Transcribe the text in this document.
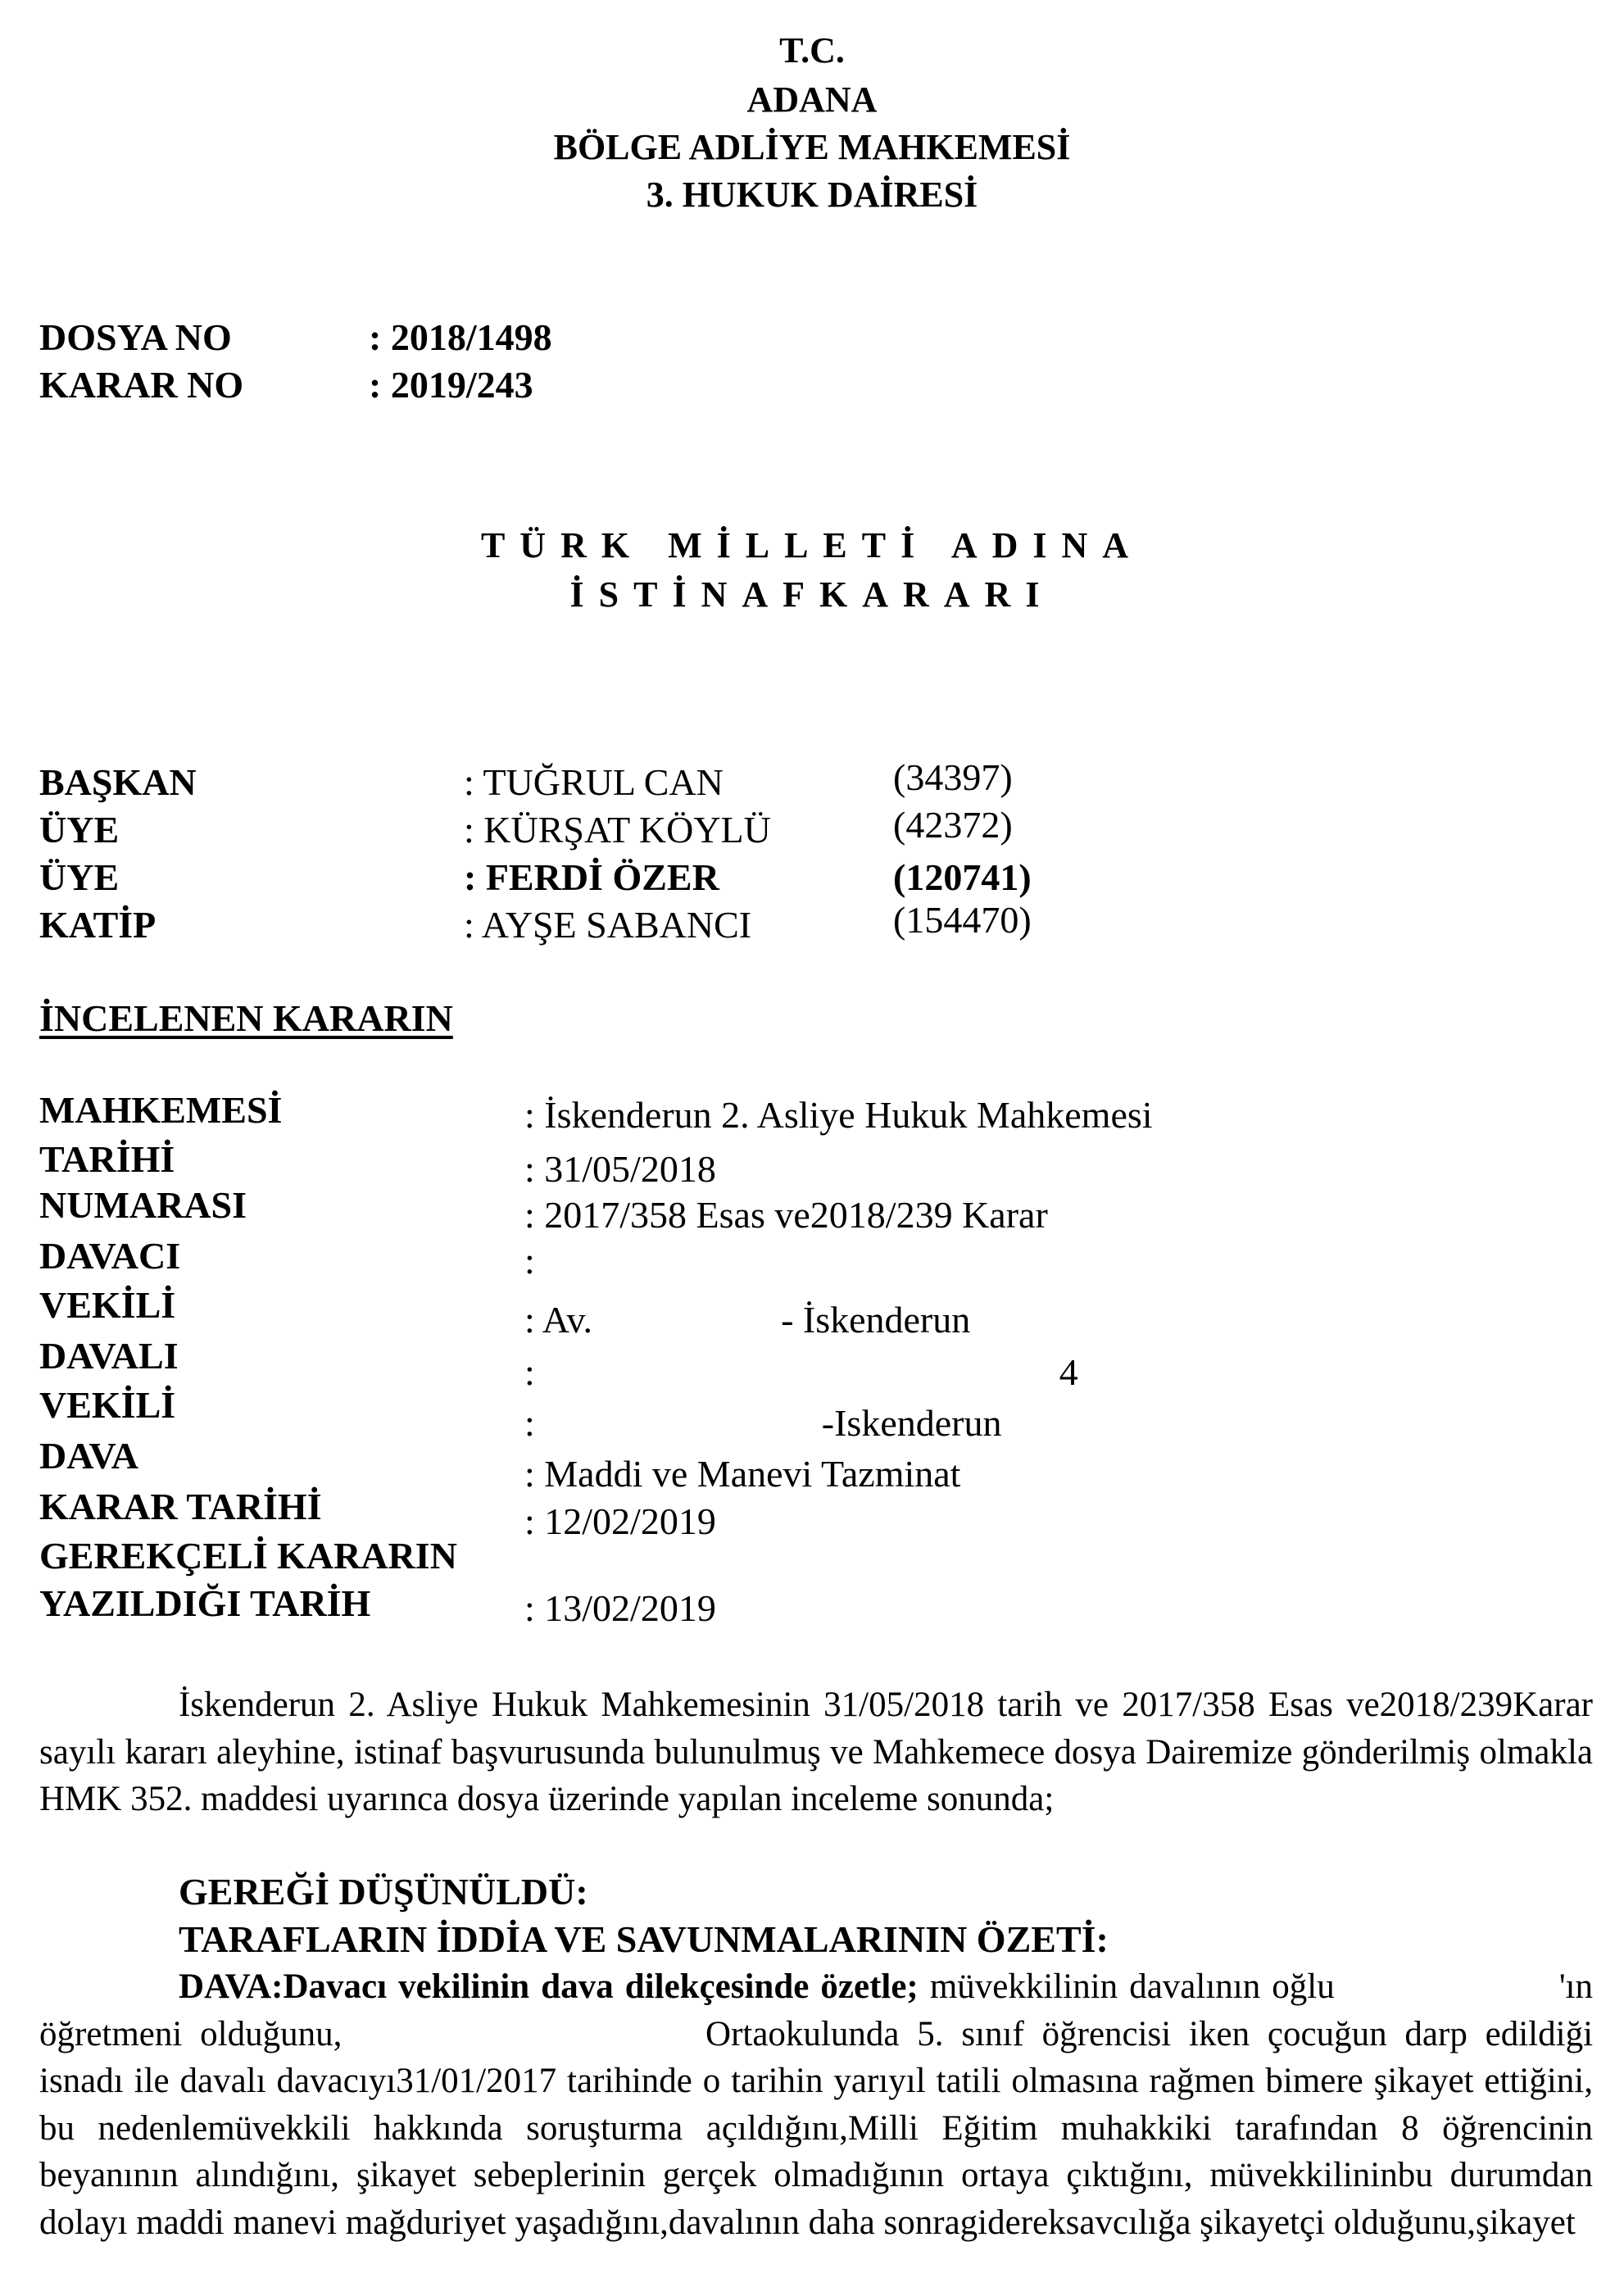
T.C.
ADANA
BÖLGE ADLİYE MAHKEMESİ
3. HUKUK DAİRESİ
DOSYA NO	: 2018/1498
KARAR NO	: 2019/243
TÜRK MİLLETİ ADINA
İSTİNAFKARARI
BAŞKAN	: TUĞRUL CAN	(34397)
ÜYE	: KÜRŞAT KÖYLÜ	(42372)
ÜYE	: FERDİ ÖZER	(120741)
KATİP	: AYŞE SABANCI	(154470)
İNCELENEN KARARIN
MAHKEMESİ	: İskenderun 2. Asliye Hukuk Mahkemesi
TARİHİ	: 31/05/2018
NUMARASI	: 2017/358 Esas ve2018/239 Karar
DAVACI	:
VEKİLİ	: Av.	- İskenderun
DAVALI	:	4
VEKİLİ	:	-Iskenderun
DAVA	: Maddi ve Manevi Tazminat
KARAR TARİHİ	: 12/02/2019
GEREKÇELİ KARARIN
YAZILDIĞI TARİH	: 13/02/2019
İskenderun 2. Asliye Hukuk Mahkemesinin 31/05/2018 tarih ve 2017/358 Esas ve2018/239Karar sayılı kararı aleyhine, istinaf başvurusunda bulunulmuş ve Mahkemece dosya Dairemize gönderilmiş olmakla HMK 352. maddesi uyarınca dosya üzerinde yapılan inceleme sonunda;
GEREĞİ DÜŞÜNÜLDÜ:
TARAFLARIN İDDİA VE SAVUNMALARININ ÖZETİ:
DAVA:Davacı vekilinin dava dilekçesinde özetle; müvekkilinin davalının oğlu	'ın öğretmeni olduğunu,	Ortaokulunda 5. sınıf öğrencisi iken çocuğun darp edildiği isnadı ile davalı davacıyı31/01/2017 tarihinde o tarihin yarıyıl tatili olmasına rağmen bimere şikayet ettiğini, bu nedenlemüvekkili hakkında soruşturma açıldığını,Milli Eğitim muhakkiki tarafından 8 öğrencinin beyanının alındığını, şikayet sebeplerinin gerçek olmadığının ortaya çıktığını, müvekkilininbu durumdan dolayı maddi manevi mağduriyet yaşadığını,davalının daha sonragidereksavcılığa şikayetçi olduğunu,şikayet
